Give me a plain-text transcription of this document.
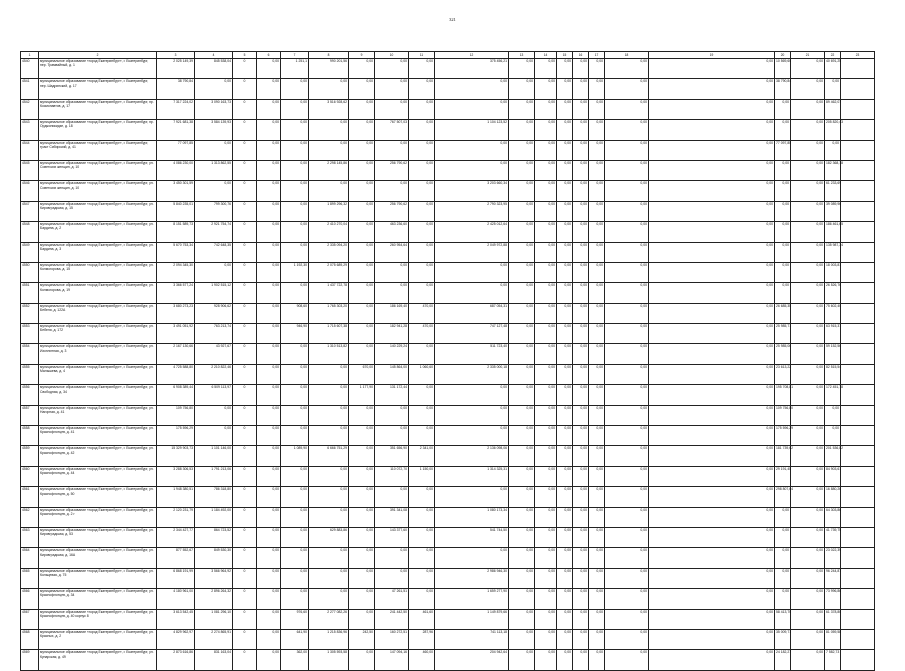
321
1	2	3	4	5	6	7	8	9	10	11	12	13	14	15	16	17	18	19	20	21	22	23
4540	муниципальное образование «город Екатеринбург», г. Екатеринбург, пер. Трамвайный, д. 1	2 025 149,39	845 538,04	0	0,00	1 251,1	990 201,56	0,00	0,00	0,00	375 456,21	0,00	0,00	0,00	0,00	0,00	0,00	0,00	10 569,60	0,00	40 691,25	
4541	муниципальное образование «город Екатеринбург», г. Екатеринбург, пер. Шадринский, д. 17	38 790,84	0,00	0	0,00	0,00	0,00	0,00	0,00	0,00	0,00	0,00	0,00	0,00	0,00	0,00	0,00	0,00	38 790,84	0,00	0,00	
4542	муниципальное образование «город Екатеринбург», г. Екатеринбург, пр. Космонавтов, д. 17	7 317 224,02	3 090 163,73	0	0,00	0,00	3 516 928,62	0,00	0,00	0,00	0,00	0,00	0,00	0,00	0,00	0,00	0,00	0,00	0,00	0,00	89 462,07	
4543	муниципальное образование «город Екатеринбург», г. Екатеринбург, пр. Орджоникидзе, д. 18	7 921 681,38	3 584 139,93	0	0,00	0,00	0,00	0,00	767 507,03	0,00	1 104 123,52	0,00	0,00	0,00	0,00	0,00	0,00	0,00	0,00	0,00	205 820,43	
4544	муниципальное образование «город Екатеринбург», г. Екатеринбург, тракт Сибирский, д. 41	77 097,85	0,00	0	0,00	0,00	0,00	0,00	0,00	0,00	0,00	0,00	0,00	0,00	0,00	0,00	0,00	0,00	77 097,85	0,00	0,00	
4545	муниципальное образование «город Екатеринбург», г. Екатеринбург, ул. Советских женщин, д. 10	4 086 230,00	1 313 862,55	0	0,00	0,00	2 298 145,86	0,00	256 790,62	0,00	0,00	0,00	0,00	0,00	0,00	0,00	0,00	0,00	0,00	0,00	182 368,18	
4546	муниципальное образование «город Екатеринбург», г. Екатеринбург, ул. Советских женщин, д. 10	3 450 301,59	0,00	0	0,00	0,00	0,00	0,00	0,00	0,00	3 203 660,34	0,00	0,00	0,00	0,00	0,00	0,00	0,00	0,00	0,00	61 233,69	
4547	муниципальное образование «город Екатеринбург», г. Екатеринбург, ул. Кировградская, д. 15	5 840 235,01	799 300,76	0	0,00	0,00	1 899 296,32	0,00	256 790,62	0,00	2 790 323,95	0,00	0,00	0,00	0,00	0,00	0,00	0,00	0,00	0,00	39 089,96	
4548	муниципальное образование «город Екатеринбург», г. Екатеринбург, ул. Бардина, д. 2	8 151 589,73	2 921 754,74	0	0,00	0,00	2 410 270,04	0,00	463 236,60	0,00	2 425 012,64	0,00	0,00	0,00	0,00	0,00	0,00	0,00	0,00	0,00	186 461,65	
4549	муниципальное образование «город Екатеринбург», г. Екатеринбург, ул. Бардина, д. 3	5 670 753,34	742 648,35	0	0,00	0,00	2 335 094,20	0,00	260 954,64	0,00	2 049 972,88	0,00	0,00	0,00	0,00	0,00	0,00	0,00	0,00	0,00	135 987,34	
4550	муниципальное образование «город Екатеринбург», г. Екатеринбург, ул. Колмогорова, д. 15	2 094 345,30	0,00	0	0,00	1 192,30	2 075 689,29	0,00	0,00	0,00	0,00	0,00	0,00	0,00	0,00	0,00	0,00	0,00	0,00	0,00	18 003,81	
4551	муниципальное образование «город Екатеринбург», г. Екатеринбург, ул. Колмогорова, д. 19	3 366 577,24	1 902 515,12	0	0,00	0,00	1 437 722,78	0,00	0,00	0,00	0,00	0,00	0,00	0,00	0,00	0,00	0,00	0,00	0,00	0,00	26 526,76	
4552	муниципальное образование «город Екатеринбург», г. Екатеринбург, ул. Бебеля, д. 122А	3 680 273,23	928 906,62	0	0,00	908,60	1 765 303,20	0,00	186 169,40	470,00	687 054,31	0,00	0,00	0,00	0,00	0,00	0,00	0,00	26 685,35	0,00	75 602,40	
4553	муниципальное образование «город Екатеринбург», г. Екатеринбург, ул. Бебеля, д. 172	3 491 051,92	763 213,74	0	0,00	946,90	1 715 607,38	0,00	182 941,28	470,00	747 127,48	0,00	0,00	0,00	0,00	0,00	0,00	0,00	25 985,71	0,00	63 915,37	
4554	муниципальное образование «город Екатеринбург», г. Екатеринбург, ул. Изоплитная, д. 3	2 167 130,66	43 927,67	0	0,00	0,00	1 310 513,82	0,00	140 229,24	0,00	511 723,40	0,00	0,00	0,00	0,00	0,00	0,00	0,00	25 985,06	0,00	59 152,56	
4555	муниципальное образование «город Екатеринбург», г. Екатеринбург, ул. Малышева, д. 4	4 725 588,80	2 210 822,46	0	0,00	0,00	0,00	670,00	145 864,00	1 060,60	2 335 000,18	0,00	0,00	0,00	0,00	0,00	0,00	0,00	23 613,22	0,00	82 515,54	
4556	муниципальное образование «город Екатеринбург», г. Екатеринбург, ул. Свободная, д. 34	6 908 389,44	6 509 113,97	0	0,00	0,00	0,00	1 177,90	131 172,44	0,00	0,00	0,00	0,00	0,00	0,00	0,00	0,00	0,00	195 708,81	0,00	172 451,78	
4557	муниципальное образование «город Екатеринбург», г. Екатеринбург, ул. Нагорная, д. 41	109 756,80	0,00	0	0,00	0,00	0,00	0,00	0,00	0,00	0,00	0,00	0,00	0,00	0,00	0,00	0,00	0,00	109 756,80	0,00	0,00	
4558	муниципальное образование «город Екатеринбург», г. Екатеринбург, ул. Краснофлотцев, д. 41	175 596,29	0,00	0	0,00	0,00	0,00	0,00	0,00	0,00	0,00	0,00	0,00	0,00	0,00	0,00	0,00	0,00	175 596,29	0,00	0,00	
4559	муниципальное образование «город Екатеринбург», г. Екатеринбург, ул. Краснофлотцев, д. 42	15 329 903,73	1 101 146,00	0	0,00	1 089,90	6 666 751,29	0,00	351 656,90	2 341,00	2 136 098,06	0,00	0,00	0,00	0,00	0,00	0,00	0,00	181 739,62	0,00	201 536,82	
4560	муниципальное образование «город Екатеринбург», г. Екатеринбург, ул. Краснофлотцев, д. 44	3 288 306,53	1 791 213,06	0	0,00	0,00	0,00	0,00	110 072,70	1 150,00	1 314 325,31	0,00	0,00	0,00	0,00	0,00	0,00	0,00	29 191,45	0,00	84 903,61	
4561	муниципальное образование «город Екатеринбург», г. Екатеринбург, ул. Краснофлотцев, д. 50	1 948 380,51	786 318,80	0	0,00	0,00	0,00	0,00	0,00	0,00	0,00	0,00	0,00	0,00	0,00	0,00	0,00	0,00	298 807,64	0,00	16 880,26	
4562	муниципальное образование «город Екатеринбург», г. Екатеринбург, ул. Краснофлотцев, д. 2 г	2 120 231,79	1 184 492,00	0	0,00	0,00	0,00	0,00	391 341,08	0,00	1 080 173,34	0,00	0,00	0,00	0,00	0,00	0,00	0,00	0,00	0,00	64 303,86	
4563	муниципальное образование «город Екатеринбург», г. Екатеринбург, ул. Кировградская, д. 53	2 344 427,77	864 723,52	0	0,00	0,00	629 883,86	0,00	143 377,60	0,00	541 744,50	0,00	0,00	0,00	0,00	0,00	0,00	0,00	0,00	0,00	41 739,75	
4564	муниципальное образование «город Екатеринбург», г. Екатеринбург, ул. Кировградская, д. 16А	877 552,67	849 530,30	0	0,00	0,00	0,00	0,00	0,00	0,00	0,00	0,00	0,00	0,00	0,00	0,00	0,00	0,00	0,00	0,00	23 022,39	
4565	муниципальное образование «город Екатеринбург», г. Екатеринбург, ул. Кольцевая, д. 75	6 868 191,99	3 566 964,92	0	0,00	0,00	0,00	0,00	0,00	0,00	2 986 946,30	0,00	0,00	0,00	0,00	0,00	0,00	0,00	0,00	0,00	96 244,87	
4566	муниципальное образование «город Екатеринбург», г. Екатеринбург, ул. Краснофлотцев, д. 34	4 180 961,00	2 896 264,32	0	0,00	0,00	0,00	0,00	47 261,51	0,00	1 659 277,90	0,00	0,00	0,00	0,00	0,00	0,00	0,00	0,00	0,00	73 996,86	
4567	муниципальное образование «город Екатеринбург», г. Екатеринбург, ул. Краснофлотцев, д. 40 корпус 8	3 613 542,45	1 081 296,10	0	0,00	976,60	2 277 082,26	0,00	241 442,50	461,60	1 149 879,66	0,00	0,00	0,00	0,00	0,00	0,00	0,00	58 413,70	0,00	61 378,80	
4568	муниципальное образование «город Екатеринбург», г. Екатеринбург, ул. Красных, д. 2	4 829 962,97	2 274 865,91	0	0,00	641,90	1 215 836,96	242,50	160 272,51	287,96	741 113,18	0,00	0,00	0,00	0,00	0,00	0,00	0,00	35 009,71	0,00	81 059,58	
4569	муниципальное образование «город Екатеринбург», г. Екатеринбург, ул. Кунарская, д. 49	2 873 616,86	831 163,04	0	0,00	362,00	1 305 593,58	0,00	147 094,16	460,00	204 942,64	0,00	0,00	0,00	0,00	0,00	0,00	0,00	24 182,27	0,00	7 582,73	
